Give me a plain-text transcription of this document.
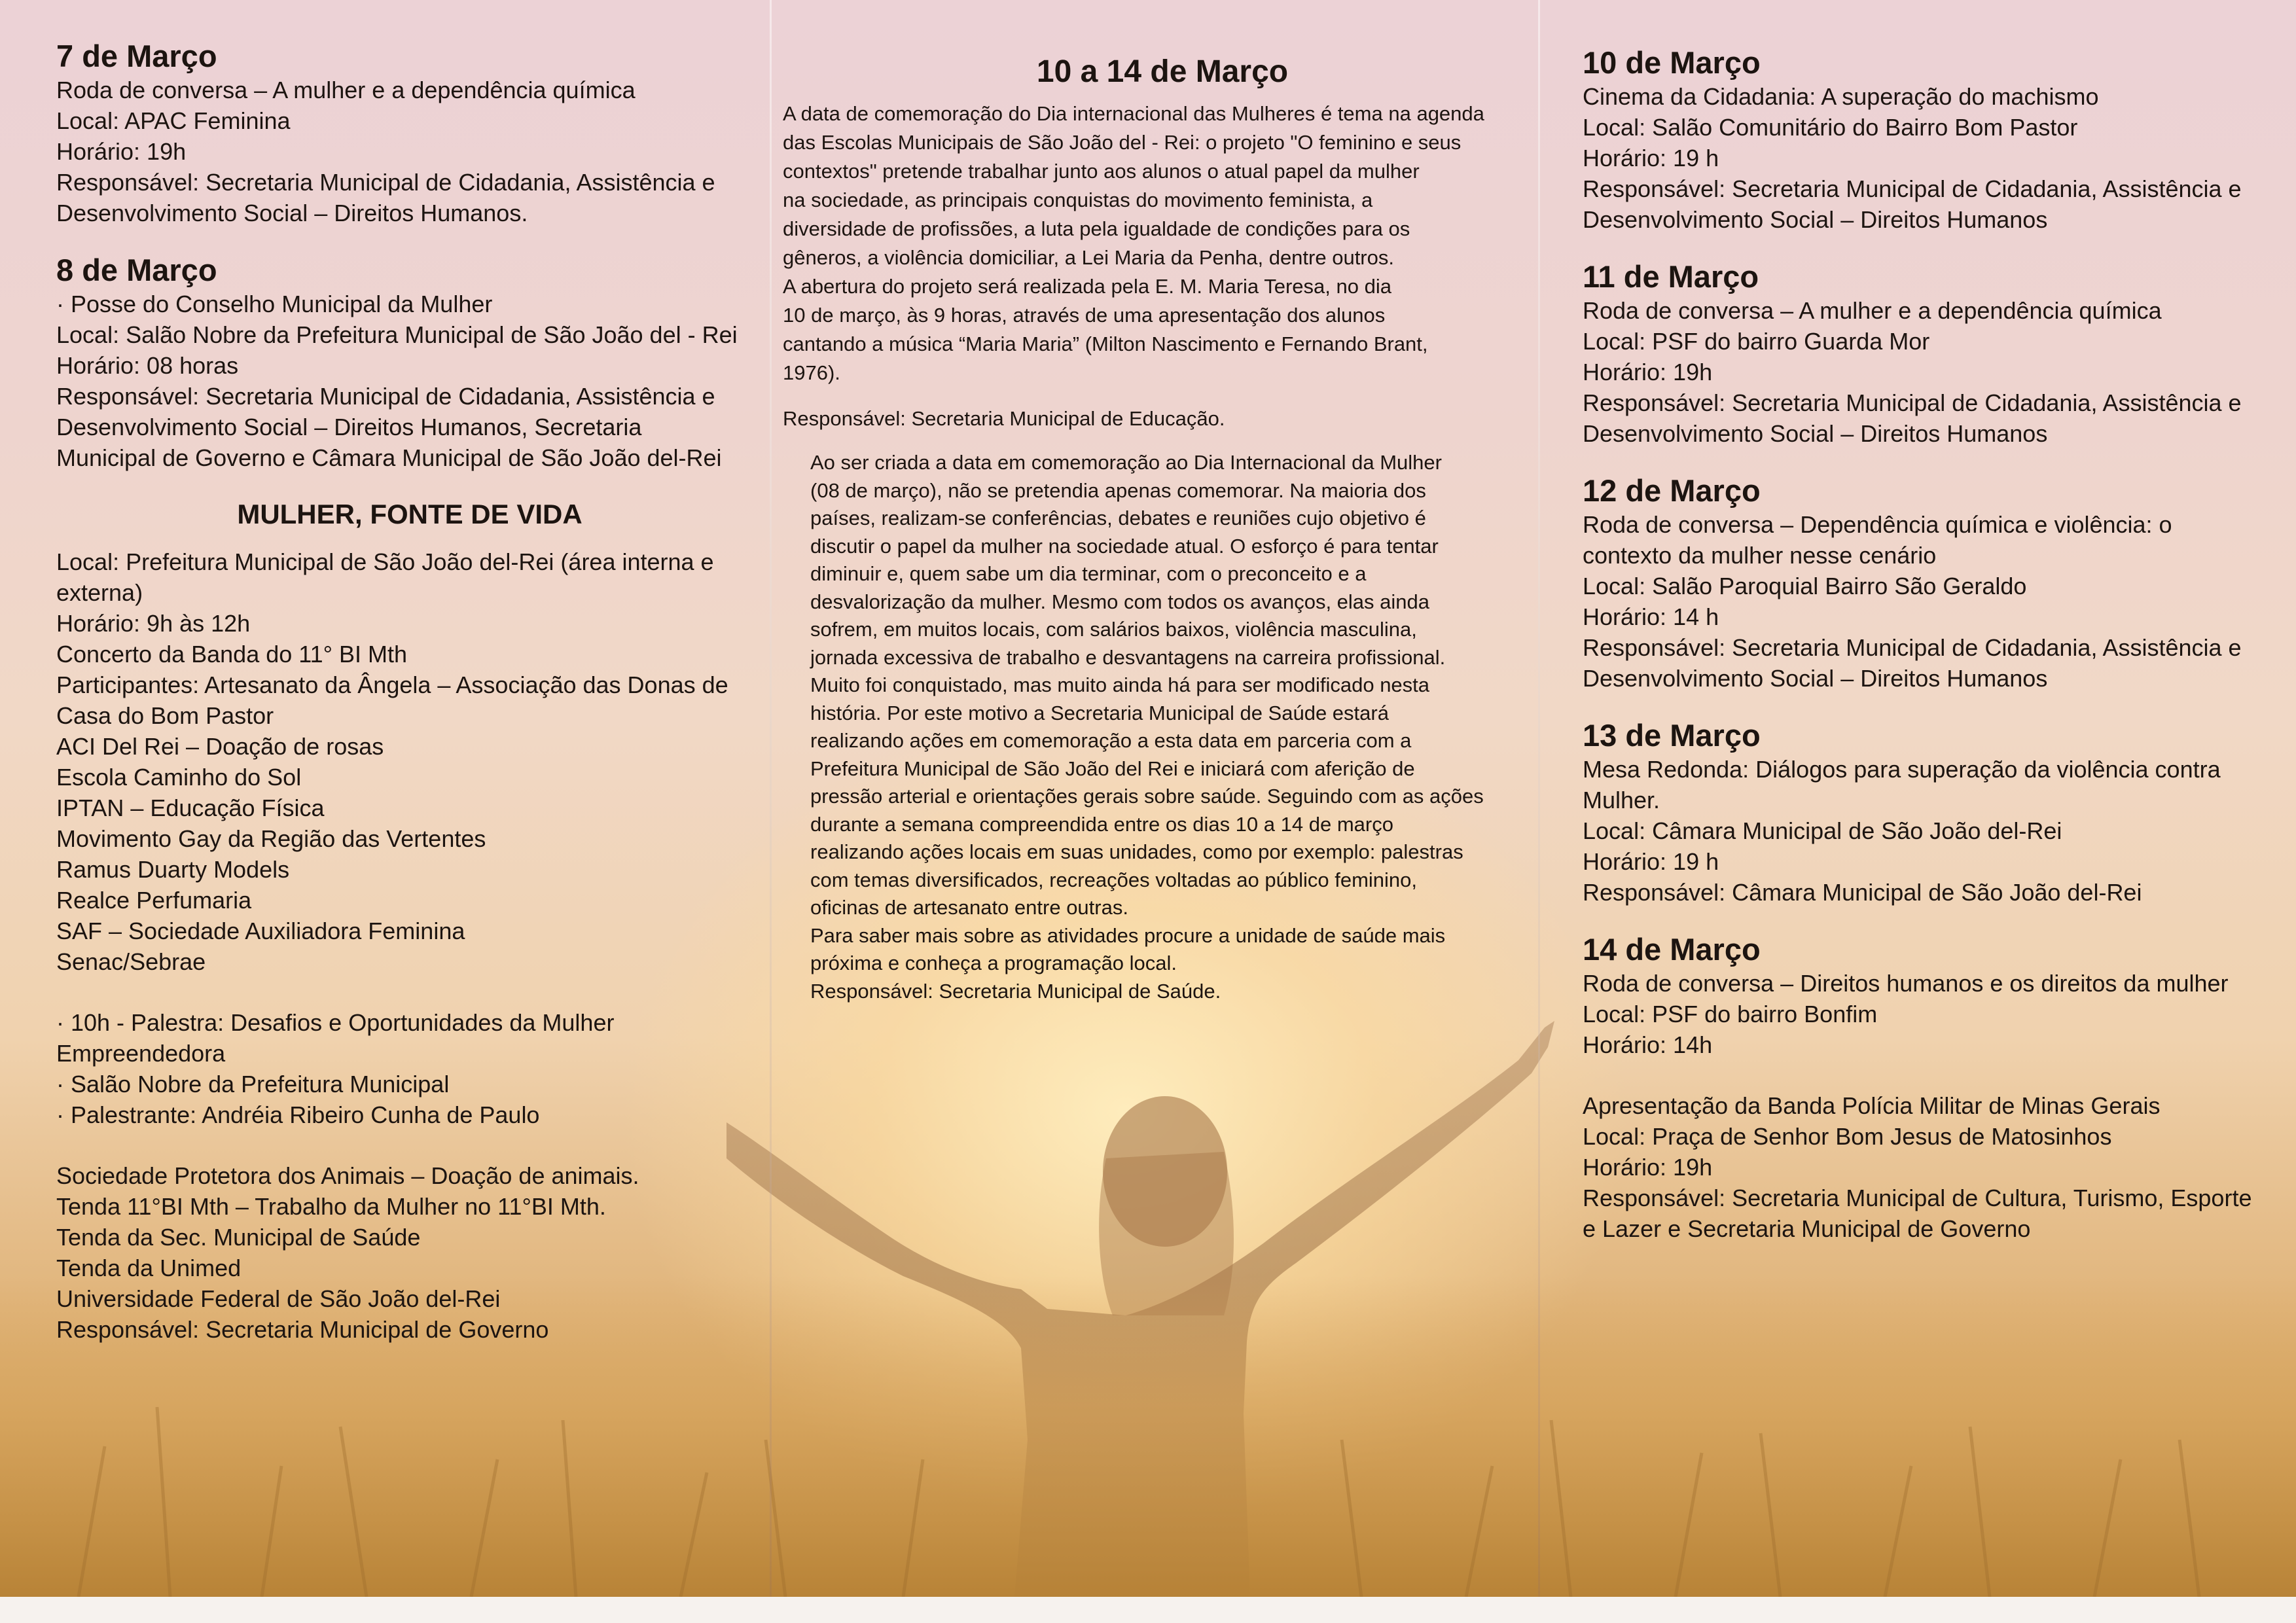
7 de Março
Roda de conversa – A mulher e a dependência química
Local: APAC Feminina
Horário: 19h
Responsável: Secretaria Municipal de Cidadania, Assistência e
Desenvolvimento Social – Direitos Humanos.
8 de Março
· Posse do Conselho Municipal da Mulher
Local: Salão Nobre da Prefeitura Municipal de São João del - Rei
Horário: 08 horas
Responsável: Secretaria Municipal de Cidadania, Assistência e
Desenvolvimento Social – Direitos Humanos, Secretaria
Municipal de Governo e Câmara Municipal de São João del-Rei
MULHER, FONTE DE VIDA
Local: Prefeitura Municipal de São João del-Rei (área interna e
externa)
Horário: 9h às 12h
Concerto da Banda do 11° BI Mth
Participantes: Artesanato da Ângela – Associação das Donas de
Casa do Bom Pastor
ACI Del Rei – Doação de rosas
Escola Caminho do Sol
IPTAN – Educação Física
Movimento Gay da Região das Vertentes
Ramus Duarty Models
Realce Perfumaria
SAF – Sociedade Auxiliadora Feminina
Senac/Sebrae
· 10h - Palestra: Desafios e Oportunidades da Mulher
Empreendedora
· Salão Nobre da Prefeitura Municipal
· Palestrante: Andréia Ribeiro Cunha de Paulo
Sociedade Protetora dos Animais – Doação de animais.
Tenda 11°BI Mth – Trabalho da Mulher no 11°BI Mth.
Tenda da Sec. Municipal de Saúde
Tenda da Unimed
Universidade Federal de São João del-Rei
Responsável: Secretaria Municipal de Governo
10 a 14 de Março
A data de comemoração do Dia internacional das Mulheres é tema na agenda
das Escolas Municipais de São João del - Rei: o projeto "O feminino e seus
contextos" pretende trabalhar junto aos alunos o atual papel da mulher
na sociedade, as principais conquistas do movimento feminista, a
diversidade de profissões, a luta pela igualdade de condições para os
gêneros, a violência domiciliar, a Lei Maria da Penha, dentre outros.
A abertura do projeto será realizada pela E. M. Maria Teresa, no dia
10 de março, às 9 horas, através de uma apresentação dos alunos
cantando a música “Maria Maria” (Milton Nascimento e Fernando Brant,
1976).
Responsável: Secretaria Municipal de Educação.
Ao ser criada a data em comemoração ao Dia Internacional da Mulher
(08 de março), não se pretendia apenas comemorar. Na maioria dos
países, realizam-se conferências, debates e reuniões cujo objetivo é
discutir o papel da mulher na sociedade atual. O esforço é para tentar
diminuir e, quem sabe um dia terminar, com o preconceito e a
desvalorização da mulher. Mesmo com todos os avanços, elas ainda
sofrem, em muitos locais, com salários baixos, violência masculina,
jornada excessiva de trabalho e desvantagens na carreira profissional.
Muito foi conquistado, mas muito ainda há para ser modificado nesta
história. Por este motivo a Secretaria Municipal de Saúde estará
realizando ações em comemoração a esta data em parceria com a
Prefeitura Municipal de São João del Rei e iniciará com aferição de
pressão arterial e orientações gerais sobre saúde. Seguindo com as ações
durante a semana compreendida entre os dias 10 a 14 de março
realizando ações locais em suas unidades, como por exemplo: palestras
com temas diversificados, recreações voltadas ao público feminino,
oficinas de artesanato entre outras.
Para saber mais sobre as atividades procure a unidade de saúde mais
próxima e conheça a programação local.
Responsável: Secretaria Municipal de Saúde.
10 de Março
Cinema da Cidadania: A superação do machismo
Local: Salão Comunitário do Bairro Bom Pastor
Horário: 19 h
Responsável: Secretaria Municipal de Cidadania, Assistência e
Desenvolvimento Social – Direitos Humanos
11 de Março
Roda de conversa – A mulher e a dependência química
Local: PSF do bairro Guarda Mor
Horário: 19h
Responsável: Secretaria Municipal de Cidadania, Assistência e
Desenvolvimento Social – Direitos Humanos
12 de Março
Roda de conversa – Dependência química e violência: o
contexto da mulher nesse cenário
Local: Salão Paroquial Bairro São Geraldo
Horário: 14 h
Responsável: Secretaria Municipal de Cidadania, Assistência e
Desenvolvimento Social – Direitos Humanos
13 de Março
Mesa Redonda: Diálogos para superação da violência contra
Mulher.
Local: Câmara Municipal de São João del-Rei
Horário: 19 h
Responsável: Câmara Municipal de São João del-Rei
14 de Março
Roda de conversa – Direitos humanos e os direitos da mulher
Local: PSF do bairro Bonfim
Horário: 14h
Apresentação da Banda Polícia Militar de Minas Gerais
Local: Praça de Senhor Bom Jesus de Matosinhos
Horário: 19h
Responsável: Secretaria Municipal de Cultura, Turismo, Esporte
e Lazer e Secretaria Municipal de Governo
